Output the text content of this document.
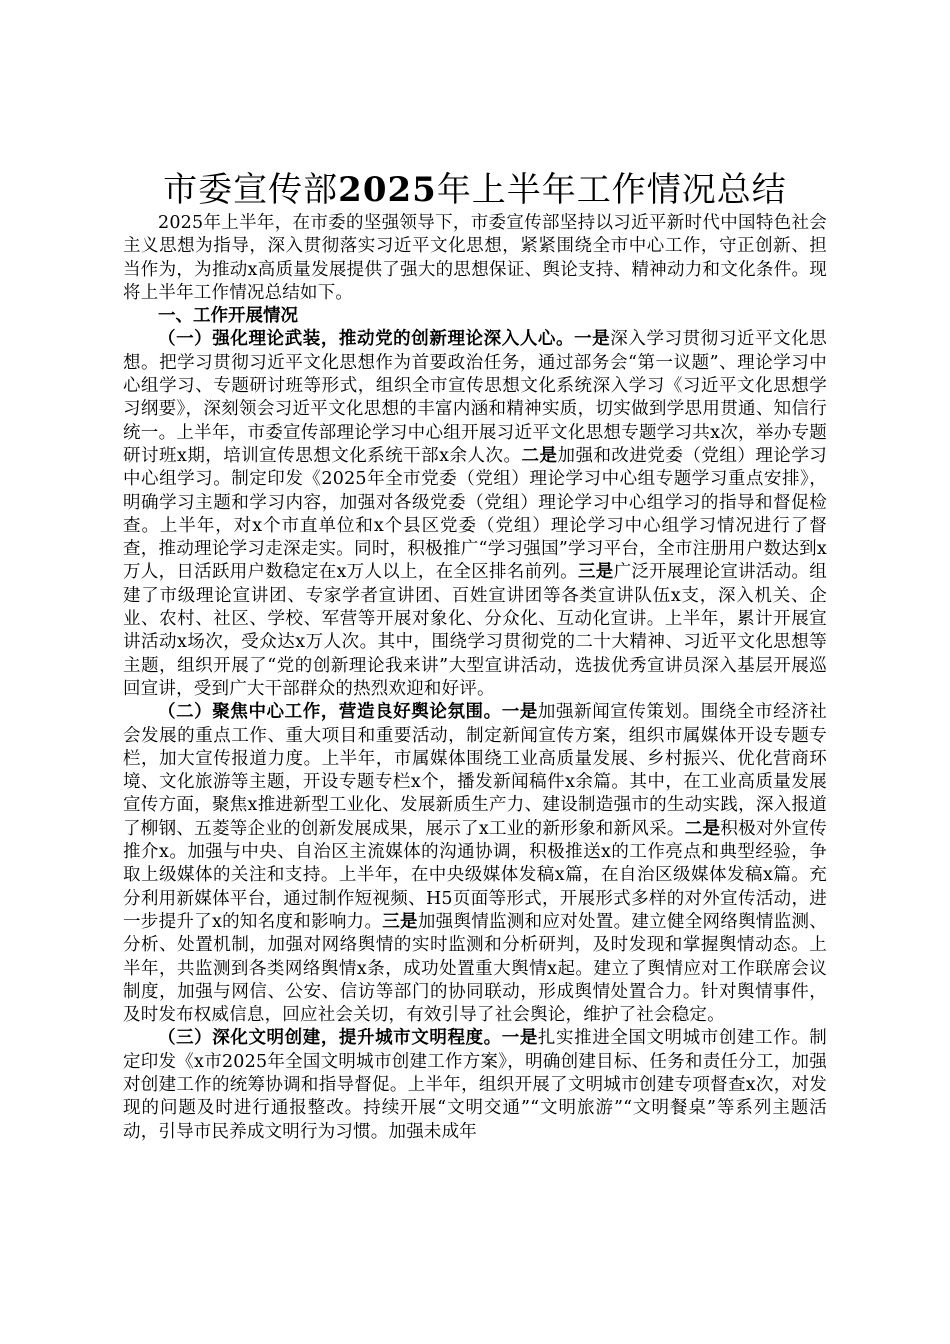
市委宣传部2025年上半年工作情况总结

2025年上半年，在市委的坚强领导下，市委宣传部坚持以习近平新时代中国特色社会主义思想为指导，深入贯彻落实习近平文化思想，紧紧围绕全市中心工作，守正创新、担当作为，为推动x高质量发展提供了强大的思想保证、舆论支持、精神动力和文化条件。现将上半年工作情况总结如下。

一、工作开展情况

（一）强化理论武装，推动党的创新理论深入人心。一是深入学习贯彻习近平文化思想。把学习贯彻习近平文化思想作为首要政治任务，通过部务会“第一议题”、理论学习中心组学习、专题研讨班等形式，组织全市宣传思想文化系统深入学习《习近平文化思想学习纲要》，深刻领会习近平文化思想的丰富内涵和精神实质，切实做到学思用贯通、知信行统一。上半年，市委宣传部理论学习中心组开展习近平文化思想专题学习共x次，举办专题研讨班x期，培训宣传思想文化系统干部x余人次。二是加强和改进党委（党组）理论学习中心组学习。制定印发《2025年全市党委（党组）理论学习中心组专题学习重点安排》，明确学习主题和学习内容，加强对各级党委（党组）理论学习中心组学习的指导和督促检查。上半年，对x个市直单位和x个县区党委（党组）理论学习中心组学习情况进行了督查，推动理论学习走深走实。同时，积极推广“学习强国”学习平台，全市注册用户数达到x万人，日活跃用户数稳定在x万人以上，在全区排名前列。三是广泛开展理论宣讲活动。组建了市级理论宣讲团、专家学者宣讲团、百姓宣讲团等各类宣讲队伍x支，深入机关、企业、农村、社区、学校、军营等开展对象化、分众化、互动化宣讲。上半年，累计开展宣讲活动x场次，受众达x万人次。其中，围绕学习贯彻党的二十大精神、习近平文化思想等主题，组织开展了“党的创新理论我来讲”大型宣讲活动，选拔优秀宣讲员深入基层开展巡回宣讲，受到广大干部群众的热烈欢迎和好评。

（二）聚焦中心工作，营造良好舆论氛围。一是加强新闻宣传策划。围绕全市经济社会发展的重点工作、重大项目和重要活动，制定新闻宣传方案，组织市属媒体开设专题专栏，加大宣传报道力度。上半年，市属媒体围绕工业高质量发展、乡村振兴、优化营商环境、文化旅游等主题，开设专题专栏x个，播发新闻稿件x余篇。其中，在工业高质量发展宣传方面，聚焦x推进新型工业化、发展新质生产力、建设制造强市的生动实践，深入报道了柳钢、五菱等企业的创新发展成果，展示了x工业的新形象和新风采。二是积极对外宣传推介x。加强与中央、自治区主流媒体的沟通协调，积极推送x的工作亮点和典型经验，争取上级媒体的关注和支持。上半年，在中央级媒体发稿x篇，在自治区级媒体发稿x篇。充分利用新媒体平台，通过制作短视频、H5页面等形式，开展形式多样的对外宣传活动，进一步提升了x的知名度和影响力。三是加强舆情监测和应对处置。建立健全网络舆情监测、分析、处置机制，加强对网络舆情的实时监测和分析研判，及时发现和掌握舆情动态。上半年，共监测到各类网络舆情x条，成功处置重大舆情x起。建立了舆情应对工作联席会议制度，加强与网信、公安、信访等部门的协同联动，形成舆情处置合力。针对舆情事件，及时发布权威信息，回应社会关切，有效引导了社会舆论，维护了社会稳定。

（三）深化文明创建，提升城市文明程度。一是扎实推进全国文明城市创建工作。制定印发《x市2025年全国文明城市创建工作方案》，明确创建目标、任务和责任分工，加强对创建工作的统筹协调和指导督促。上半年，组织开展了文明城市创建专项督查x次，对发现的问题及时进行通报整改。持续开展“文明交通”“文明旅游”“文明餐桌”等系列主题活动，引导市民养成文明行为习惯。加强未成年
